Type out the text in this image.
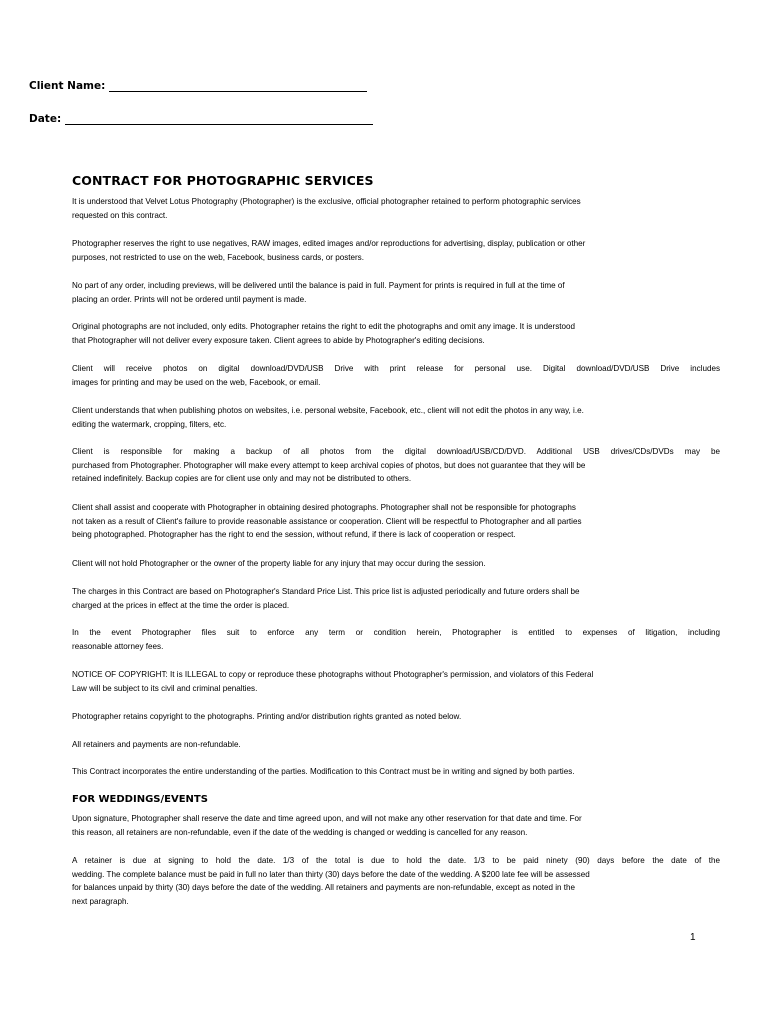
Client Name:
Date:
CONTRACT FOR PHOTOGRAPHIC SERVICES
It is understood that Velvet Lotus Photography (Photographer) is the exclusive, official photographer retained to perform photographic services
requested on this contract.
Photographer reserves the right to use negatives, RAW images, edited images and/or reproductions for advertising, display, publication or other
purposes, not restricted to use on the web, Facebook, business cards, or posters.
No part of any order, including previews, will be delivered until the balance is paid in full. Payment for prints is required in full at the time of
placing an order. Prints will not be ordered until payment is made.
Original photographs are not included, only edits. Photographer retains the right to edit the photographs and omit any image. It is understood
that Photographer will not deliver every exposure taken. Client agrees to abide by Photographer's editing decisions.
Client will receive photos on digital download/DVD/USB Drive with print release for personal use. Digital download/DVD/USB Drive includes
images for printing and may be used on the web, Facebook, or email.
Client understands that when publishing photos on websites, i.e. personal website, Facebook, etc., client will not edit the photos in any way, i.e.
editing the watermark, cropping, filters, etc.
Client is responsible for making a backup of all photos from the digital download/USB/CD/DVD. Additional USB drives/CDs/DVDs may be
purchased from Photographer. Photographer will make every attempt to keep archival copies of photos, but does not guarantee that they will be
retained indefinitely. Backup copies are for client use only and may not be distributed to others.
Client shall assist and cooperate with Photographer in obtaining desired photographs. Photographer shall not be responsible for photographs
not taken as a result of Client's failure to provide reasonable assistance or cooperation. Client will be respectful to Photographer and all parties
being photographed. Photographer has the right to end the session, without refund, if there is lack of cooperation or respect.
Client will not hold Photographer or the owner of the property liable for any injury that may occur during the session.
The charges in this Contract are based on Photographer's Standard Price List. This price list is adjusted periodically and future orders shall be
charged at the prices in effect at the time the order is placed.
In the event Photographer files suit to enforce any term or condition herein, Photographer is entitled to expenses of litigation, including
reasonable attorney fees.
NOTICE OF COPYRIGHT: It is ILLEGAL to copy or reproduce these photographs without Photographer's permission, and violators of this Federal
Law will be subject to its civil and criminal penalties.
Photographer retains copyright to the photographs. Printing and/or distribution rights granted as noted below.
All retainers and payments are non-refundable.
This Contract incorporates the entire understanding of the parties. Modification to this Contract must be in writing and signed by both parties.
Upon signature, Photographer shall reserve the date and time agreed upon, and will not make any other reservation for that date and time. For
this reason, all retainers are non-refundable, even if the date of the wedding is changed or wedding is cancelled for any reason.
A retainer is due at signing to hold the date. 1/3 of the total is due to hold the date. 1/3 to be paid ninety (90) days before the date of the
wedding. The complete balance must be paid in full no later than thirty (30) days before the date of the wedding. A $200 late fee will be assessed
for balances unpaid by thirty (30) days before the date of the wedding. All retainers and payments are non-refundable, except as noted in the
next paragraph.
FOR WEDDINGS/EVENTS
1
